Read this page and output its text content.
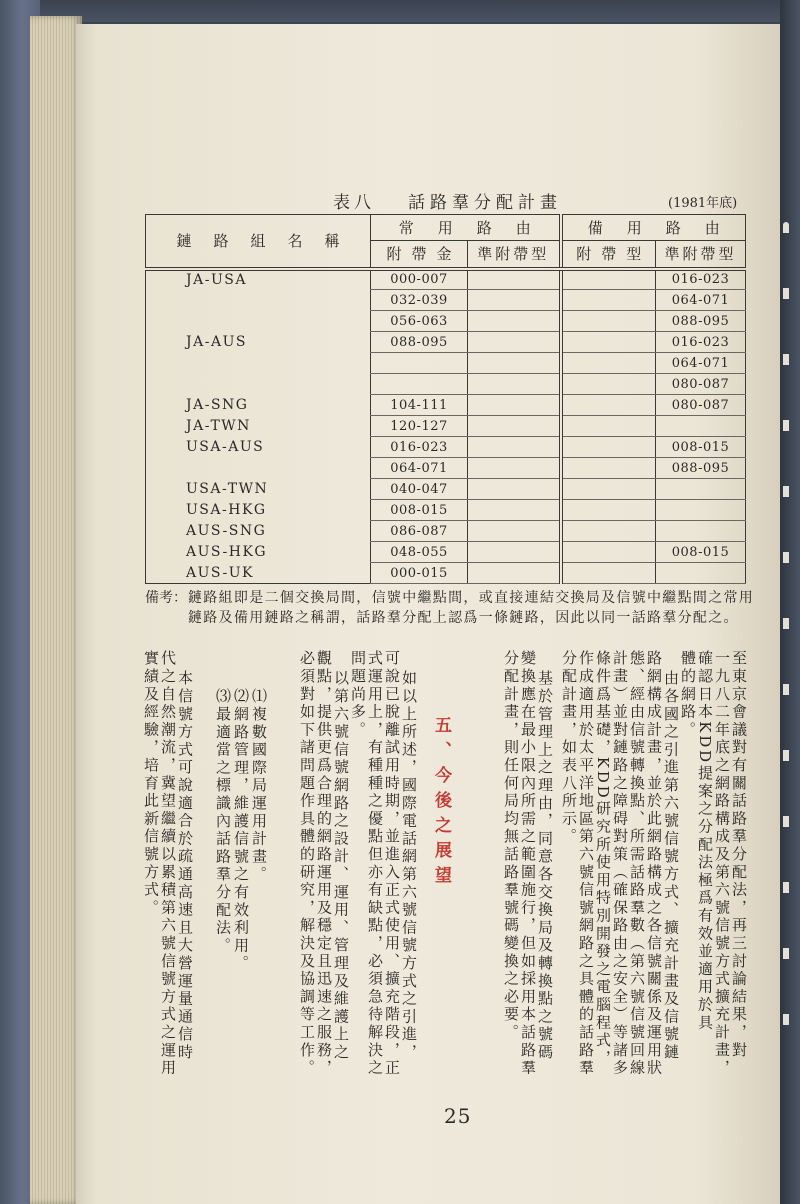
表八 話路羣分配計畫	(1981年底)
鏈路組名稱	常用路由		備用路由	
	附帶金	準附帶型	附帶型	準附帶型
JA-USA	000-007			016-023
	032-039			064-071
	056-063			088-095
JA-AUS	088-095			016-023
				064-071
				080-087
JA-SNG	104-111			080-087
JA-TWN	120-127			
USA-AUS	016-023			008-015
	064-071			088-095
USA-TWN	040-047			
USA-HKG	008-015			
AUS-SNG	086-087			
AUS-HKG	048-055			008-015
AUS-UK	000-015			
備考： 鏈路組即是二個交換局間，信號中繼點間，或直接連結交換局及信號中繼點間之常用
鏈路及備用鏈路之稱謂，話路羣分配上認爲一條鏈路，因此以同一話路羣分配之。
至東京會議對有關話路羣分配法，再三討論結果，對
一九八二年底之網路構成及第六號信號方式擴充計畫，
確認日本KDD提案之分配法極爲有效並適用於具
體的網路。
由各國之引進第六號信號方式、擴充計畫及信號鏈
路網構成計畫，並於此網路構成之各信號關係及運用狀
態、經由信號轉換點、所需話路羣數（第六號信號回線
計畫）並對鏈路之障碍對策（確保路由之安全）等諸多
條件爲基礎，KDD研究所使用特別開發之電腦程式，
作成適用於太平洋地區第六號信號網路之具體的話路羣
分配計畫，如表八所示。
基於管理上之理由，同意各交換局及轉換點之號碼
變換應在最小限內所需之範圍施行，但如採用本話路羣
分配計畫，則任何局均無話路羣號碼變換之必要。
五、今後之展望
如以上所述，國際電話網第六號信號方式之引進，
可說已脫離試用時期，並進入正式使用、擴充階段，正
式運用上，有種種之優點但亦有缺點，必須急待解決之
問題尚多。
以第六號信號網路之設計、運用、管理及維護上之
觀點，提供更爲合理的網路運用及穩定且迅速之服務，
必須對如下諸問題作具體的研究，解決及協調等工作。
⑴複數國際局運用計畫。
⑵網路管理，維護信號之有效利用。
⑶最適當之標識內話路羣分配法。
本信號方式可說適合於疏通高速且大營運量通信時
代之自然潮流，冀望繼續以累積第六號信號方式之運用
實績及經驗，培育此新信號方式。
25
